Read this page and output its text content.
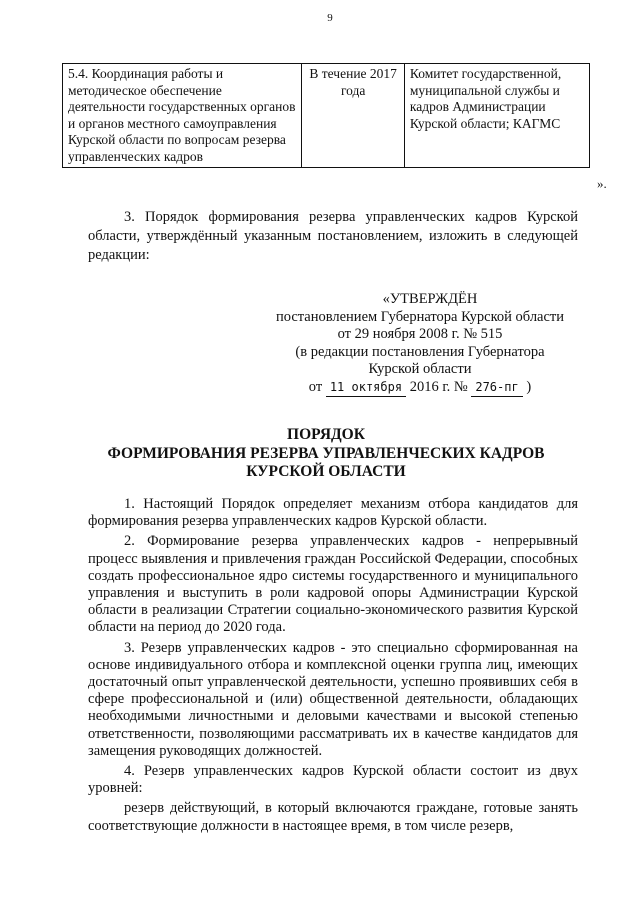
9
5.4. Координация работы и методическое обеспечение деятельности государственных органов и органов местного самоуправления Курской области по вопросам резерва управленческих кадров	В течение 2017 года	Комитет государственной, муниципальной службы и кадров Администрации Курской области; КАГМС
».
3. Порядок формирования резерва управленческих кадров Курской области, утверждённый указанным постановлением, изложить в следующей редакции:
«УТВЕРЖДЁН
постановлением Губернатора Курской области
от 29 ноября 2008 г. № 515
(в редакции постановления Губернатора
Курской области
от 11 октября 2016 г. № 276-пг )
ПОРЯДОК
ФОРМИРОВАНИЯ РЕЗЕРВА УПРАВЛЕНЧЕСКИХ КАДРОВ
КУРСКОЙ ОБЛАСТИ

1. Настоящий Порядок определяет механизм отбора кандидатов для формирования резерва управленческих кадров Курской области.

2. Формирование резерва управленческих кадров - непрерывный процесс выявления и привлечения граждан Российской Федерации, способных создать профессиональное ядро системы государственного и муниципального управления и выступить в роли кадровой опоры Администрации Курской области в реализации Стратегии социально-экономического развития Курской области на период до 2020 года.

3. Резерв управленческих кадров - это специально сформированная на основе индивидуального отбора и комплексной оценки группа лиц, имеющих достаточный опыт управленческой деятельности, успешно проявивших себя в сфере профессиональной и (или) общественной деятельности, обладающих необходимыми личностными и деловыми качествами и высокой степенью ответственности, позволяющими рассматривать их в качестве кандидатов для замещения руководящих должностей.

4. Резерв управленческих кадров Курской области состоит из двух уровней:

резерв действующий, в который включаются граждане, готовые занять соответствующие должности в настоящее время, в том числе резерв,
